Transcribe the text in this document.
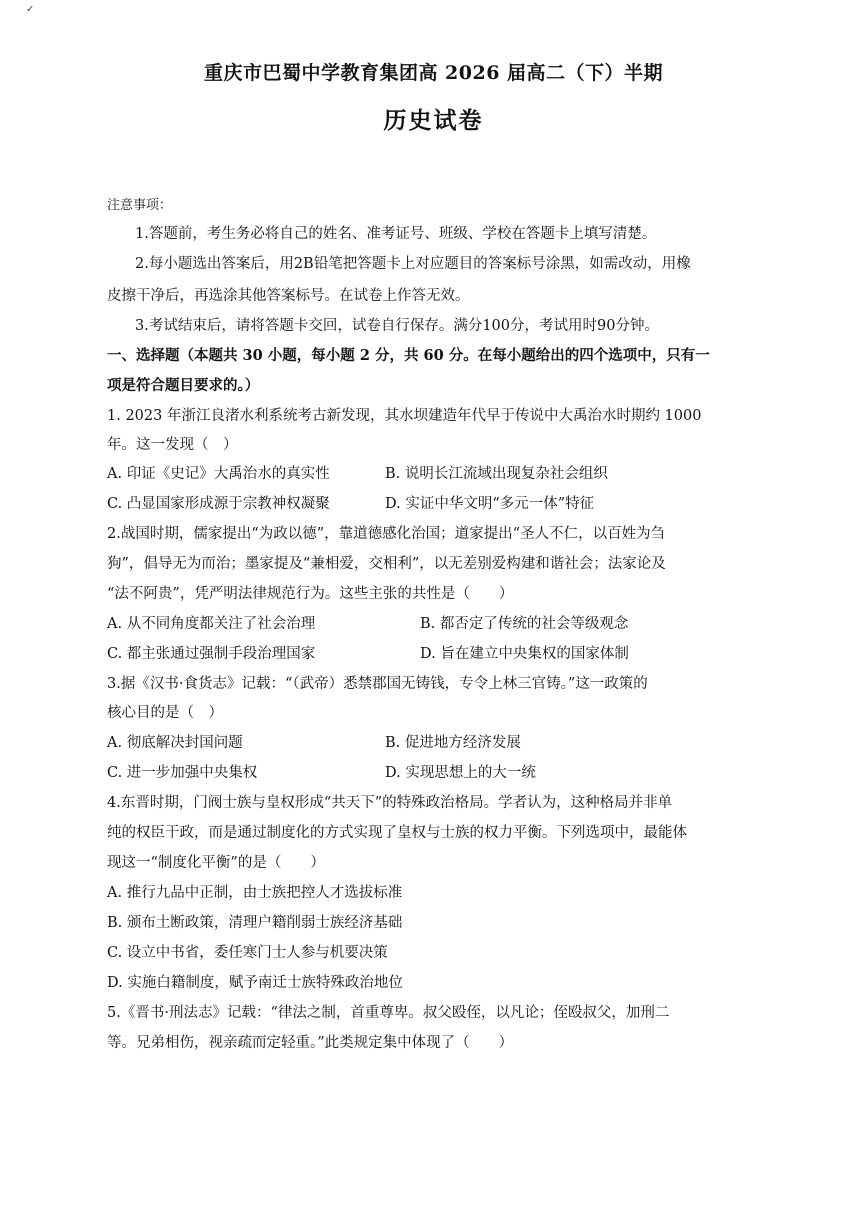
✓
重庆市巴蜀中学教育集团高 2026 届高二（下）半期
历史试卷
注意事项：
1.答题前，考生务必将自己的姓名、准考证号、班级、学校在答题卡上填写清楚。
2.每小题选出答案后，用2B铅笔把答题卡上对应题目的答案标号涂黑，如需改动，用橡
皮擦干净后，再选涂其他答案标号。在试卷上作答无效。
3.考试结束后，请将答题卡交回，试卷自行保存。满分100分，考试用时90分钟。
一、选择题（本题共 30 小题，每小题 2 分，共 60 分。在每小题给出的四个选项中，只有一
项是符合题目要求的。）
1. 2023 年浙江良渚水利系统考古新发现，其水坝建造年代早于传说中大禹治水时期约 1000
年。这一发现（　）
A. 印证《史记》大禹治水的真实性	B. 说明长江流域出现复杂社会组织
C. 凸显国家形成源于宗教神权凝聚	D. 实证中华文明“多元一体”特征
2.战国时期，儒家提出“为政以德”，靠道德感化治国；道家提出“圣人不仁，以百姓为刍
狗”，倡导无为而治；墨家提及“兼相爱，交相利”，以无差别爱构建和谐社会；法家论及
“法不阿贵”，凭严明法律规范行为。这些主张的共性是（　　）
A. 从不同角度都关注了社会治理	B. 都否定了传统的社会等级观念
C. 都主张通过强制手段治理国家	D. 旨在建立中央集权的国家体制
3.据《汉书·食货志》记载：“（武帝）悉禁郡国无铸钱，专令上林三官铸。”这一政策的
核心目的是（　）
A. 彻底解决封国问题	B. 促进地方经济发展
C. 进一步加强中央集权	D. 实现思想上的大一统
4.东晋时期，门阀士族与皇权形成“共天下”的特殊政治格局。学者认为，这种格局并非单
纯的权臣干政，而是通过制度化的方式实现了皇权与士族的权力平衡。下列选项中，最能体
现这一“制度化平衡”的是（　　）
A. 推行九品中正制，由士族把控人才选拔标准
B. 颁布土断政策，清理户籍削弱士族经济基础
C. 设立中书省，委任寒门士人参与机要决策
D. 实施白籍制度，赋予南迁士族特殊政治地位
5.《晋书·刑法志》记载：“律法之制，首重尊卑。叔父殴侄，以凡论；侄殴叔父，加刑二
等。兄弟相伤，视亲疏而定轻重。”此类规定集中体现了（　　）
